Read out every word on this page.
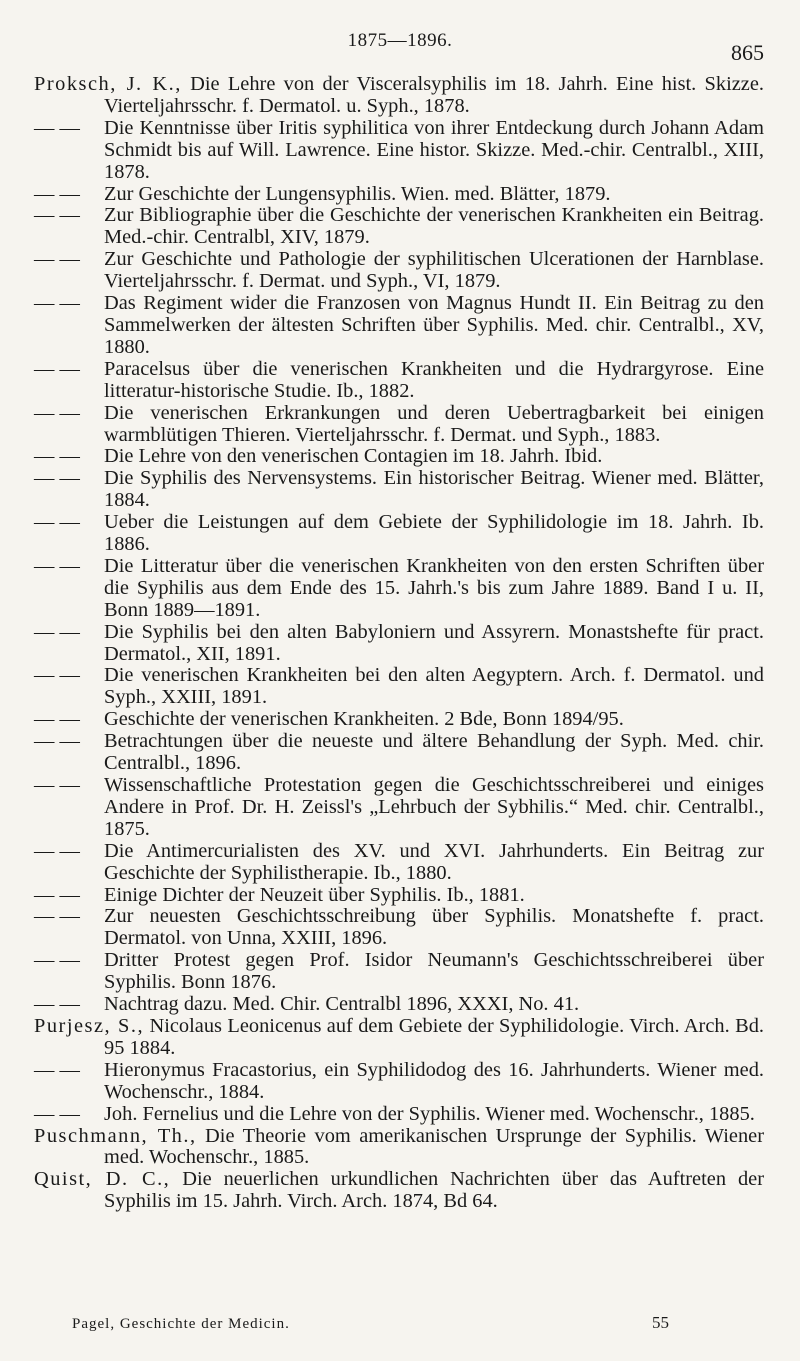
1875—1896.	865
Proksch, J. K., Die Lehre von der Visceralsyphilis im 18. Jahrh. Eine hist. Skizze. Vierteljahrsschr. f. Dermatol. u. Syph., 1878.
— — Die Kenntnisse über Iritis syphilitica von ihrer Entdeckung durch Johann Adam Schmidt bis auf Will. Lawrence. Eine histor. Skizze. Med.-chir. Centralbl., XIII, 1878.
— — Zur Geschichte der Lungensyphilis. Wien. med. Blätter, 1879.
— — Zur Bibliographie über die Geschichte der venerischen Krankheiten ein Beitrag. Med.-chir. Centralbl, XIV, 1879.
— — Zur Geschichte und Pathologie der syphilitischen Ulcerationen der Harnblase. Vierteljahrsschr. f. Dermat. und Syph., VI, 1879.
— — Das Regiment wider die Franzosen von Magnus Hundt II. Ein Beitrag zu den Sammelwerken der ältesten Schriften über Syphilis. Med. chir. Centralbl., XV, 1880.
— — Paracelsus über die venerischen Krankheiten und die Hydrargyrose. Eine litteratur-historische Studie. Ib., 1882.
— — Die venerischen Erkrankungen und deren Uebertragbarkeit bei einigen warmblütigen Thieren. Vierteljahrsschr. f. Dermat. und Syph., 1883.
— — Die Lehre von den venerischen Contagien im 18. Jahrh. Ibid.
— — Die Syphilis des Nervensystems. Ein historischer Beitrag. Wiener med. Blätter, 1884.
— — Ueber die Leistungen auf dem Gebiete der Syphilidologie im 18. Jahrh. Ib. 1886.
— — Die Litteratur über die venerischen Krankheiten von den ersten Schriften über die Syphilis aus dem Ende des 15. Jahrh.'s bis zum Jahre 1889. Band I u. II, Bonn 1889—1891.
— — Die Syphilis bei den alten Babyloniern und Assyrern. Monastshefte für pract. Dermatol., XII, 1891.
— — Die venerischen Krankheiten bei den alten Aegyptern. Arch. f. Dermatol. und Syph., XXIII, 1891.
— — Geschichte der venerischen Krankheiten. 2 Bde, Bonn 1894/95.
— — Betrachtungen über die neueste und ältere Behandlung der Syph. Med. chir. Centralbl., 1896.
— — Wissenschaftliche Protestation gegen die Geschichtsschreiberei und einiges Andere in Prof. Dr. H. Zeissl's „Lehrbuch der Sybhilis.“ Med. chir. Centralbl., 1875.
— — Die Antimercurialisten des XV. und XVI. Jahrhunderts. Ein Beitrag zur Geschichte der Syphilistherapie. Ib., 1880.
— — Einige Dichter der Neuzeit über Syphilis. Ib., 1881.
— — Zur neuesten Geschichtsschreibung über Syphilis. Monatshefte f. pract. Dermatol. von Unna, XXIII, 1896.
— — Dritter Protest gegen Prof. Isidor Neumann's Geschichtsschreiberei über Syphilis. Bonn 1876.
— — Nachtrag dazu. Med. Chir. Centralbl 1896, XXXI, No. 41.
Purjesz, S., Nicolaus Leonicenus auf dem Gebiete der Syphilidologie. Virch. Arch. Bd. 95 1884.
— — Hieronymus Fracastorius, ein Syphilidodog des 16. Jahrhunderts. Wiener med. Wochenschr., 1884.
— — Joh. Fernelius und die Lehre von der Syphilis. Wiener med. Wochenschr., 1885.
Puschmann, Th., Die Theorie vom amerikanischen Ursprunge der Syphilis. Wiener med. Wochenschr., 1885.
Quist, D. C., Die neuerlichen urkundlichen Nachrichten über das Auftreten der Syphilis im 15. Jahrh. Virch. Arch. 1874, Bd 64.
Pagel, Geschichte der Medicin.	55
